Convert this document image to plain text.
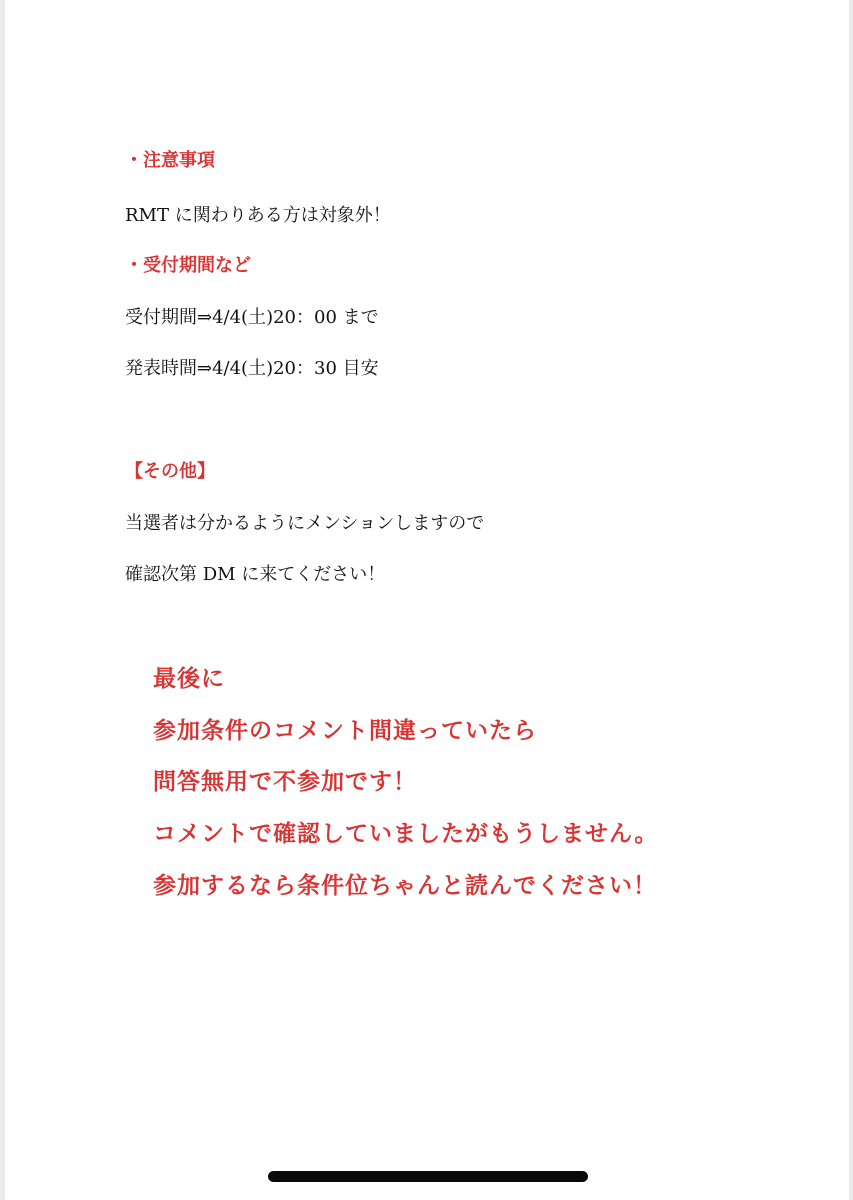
・注意事項
RMT に関わりある方は対象外！
・受付期間など
受付期間⇒4/4(土)20：00 まで
発表時間⇒4/4(土)20：30 目安
【その他】
当選者は分かるようにメンションしますので
確認次第 DM に来てください！
最後に
参加条件のコメント間違っていたら
問答無用で不参加です！
コメントで確認していましたがもうしません。
参加するなら条件位ちゃんと読んでください！
